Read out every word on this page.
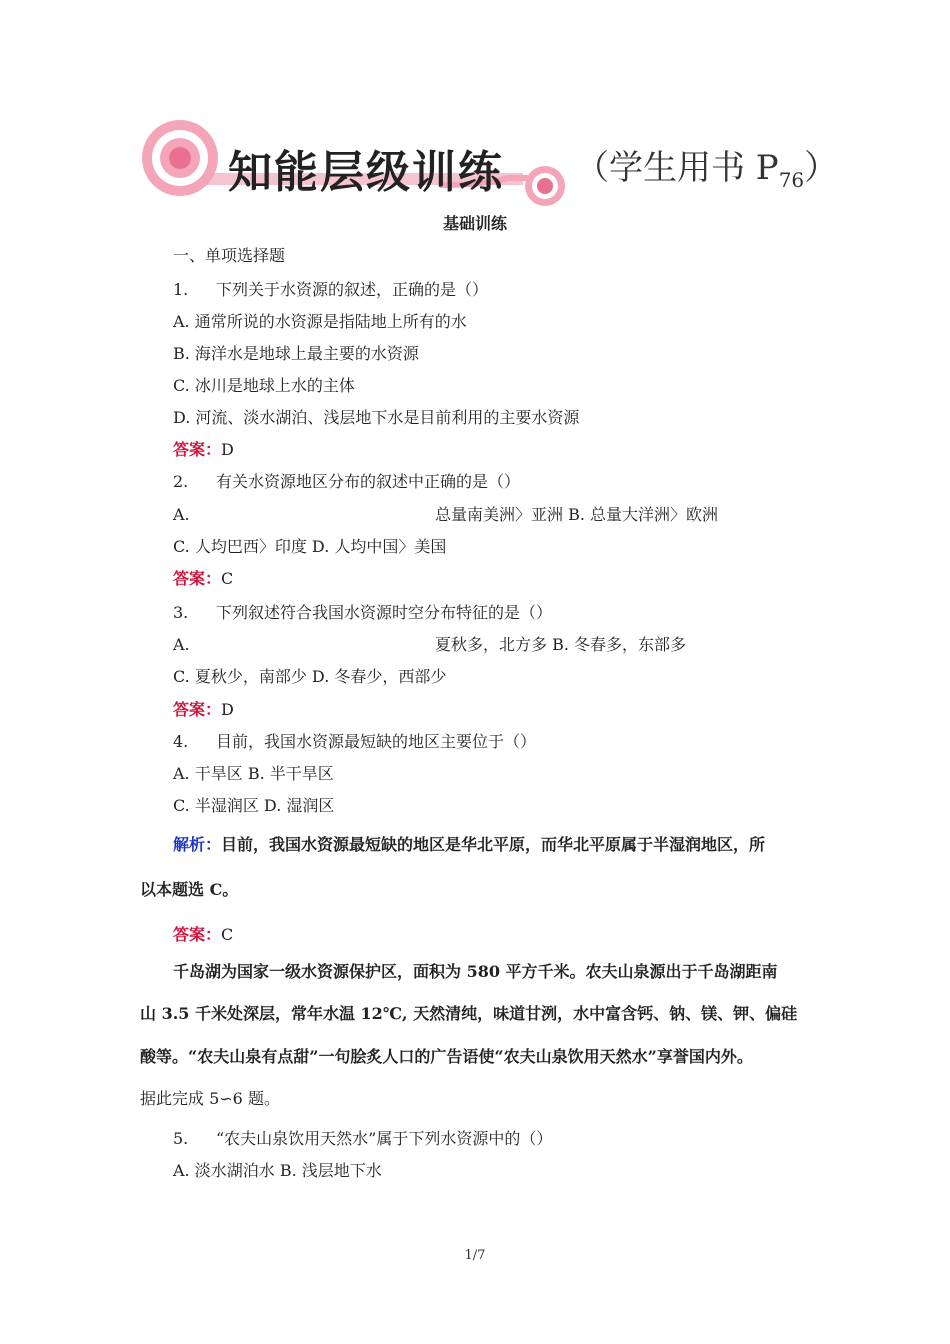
知能层级训练 （学生用书 $P_{76}$）
基础训练
一、单项选择题
1. 下列关于水资源的叙述，正确的是（）
A. 通常所说的水资源是指陆地上所有的水
B. 海洋水是地球上最主要的水资源
C. 冰川是地球上水的主体
D. 河流、淡水湖泊、浅层地下水是目前利用的主要水资源
答案：D
2. 有关水资源地区分布的叙述中正确的是（）
A.	总量南美洲〉亚洲 B. 总量大洋洲〉欧洲
C. 人均巴西〉印度 D. 人均中国〉美国
答案：C
3. 下列叙述符合我国水资源时空分布特征的是（）
A.	夏秋多，北方多 B. 冬春多，东部多
C. 夏秋少，南部少 D. 冬春少，西部少
答案：D
4. 目前，我国水资源最短缺的地区主要位于（）
A. 干旱区 B. 半干旱区
C. 半湿润区 D. 湿润区
解析：目前，我国水资源最短缺的地区是华北平原，而华北平原属于半湿润地区，所
以本题选 C。
答案：C
千岛湖为国家一级水资源保护区，面积为 580 平方千米。农夫山泉源出于千岛湖距南
山 3.5 千米处深层，常年水温 12℃, 天然清纯，味道甘洌，水中富含钙、钠、镁、钾、偏硅
酸等。“农夫山泉有点甜”一句脍炙人口的广告语使“农夫山泉饮用天然水”享誉国内外。
据此完成 5∽6 题。
5. “农夫山泉饮用天然水”属于下列水资源中的（）
A. 淡水湖泊水 B. 浅层地下水
1/7
